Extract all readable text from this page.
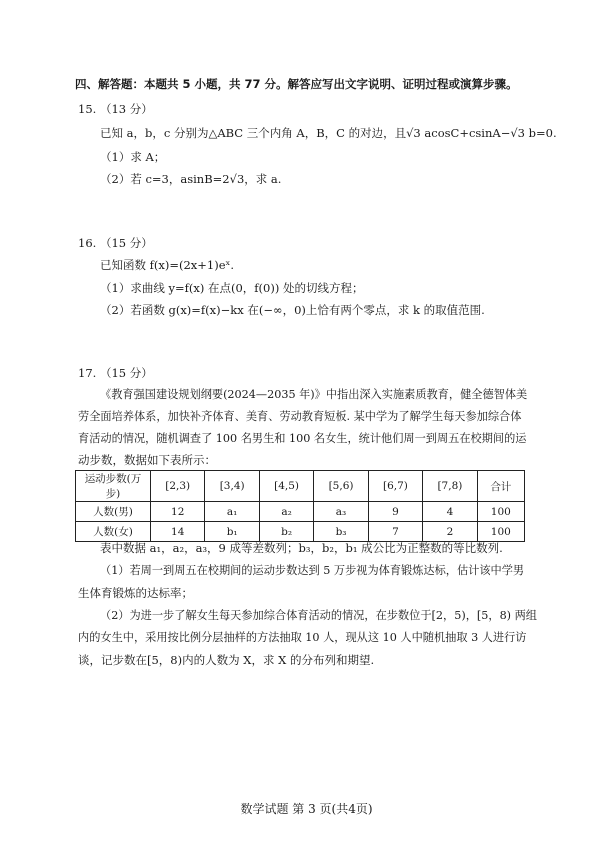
四、解答题：本题共 5 小题，共 77 分。解答应写出文字说明、证明过程或演算步骤。
15. （13 分）
已知 a，b，c 分别为△ABC 三个内角 A，B，C 的对边，且√3 acosC+csinA−√3 b=0.
（1）求 A；
（2）若 c=3，asinB=2√3，求 a.
16. （15 分）
已知函数 f(x)=(2x+1)eˣ.
（1）求曲线 y=f(x) 在点(0，f(0)) 处的切线方程；
（2）若函数 g(x)=f(x)−kx 在(−∞，0)上恰有两个零点，求 k 的取值范围.
17. （15 分）
《教育强国建设规划纲要(2024—2035 年)》中指出深入实施素质教育，健全德智体美
劳全面培养体系，加快补齐体育、美育、劳动教育短板. 某中学为了解学生每天参加综合体
育活动的情况，随机调查了 100 名男生和 100 名女生，统计他们周一到周五在校期间的运
动步数，数据如下表所示：
运动步数(万步)	[2,3)	[3,4)	[4,5)	[5,6)	[6,7)	[7,8)	合计
人数(男)	12	a₁	a₂	a₃	9	4	100
人数(女)	14	b₁	b₂	b₃	7	2	100
表中数据 a₁，a₂，a₃，9 成等差数列；b₃，b₂，b₁ 成公比为正整数的等比数列.
（1）若周一到周五在校期间的运动步数达到 5 万步视为体育锻炼达标，估计该中学男
生体育锻炼的达标率；
（2）为进一步了解女生每天参加综合体育活动的情况，在步数位于[2，5)，[5，8) 两组
内的女生中，采用按比例分层抽样的方法抽取 10 人，现从这 10 人中随机抽取 3 人进行访
谈，记步数在[5，8)内的人数为 X，求 X 的分布列和期望.
数学试题 第 3 页(共4页)
